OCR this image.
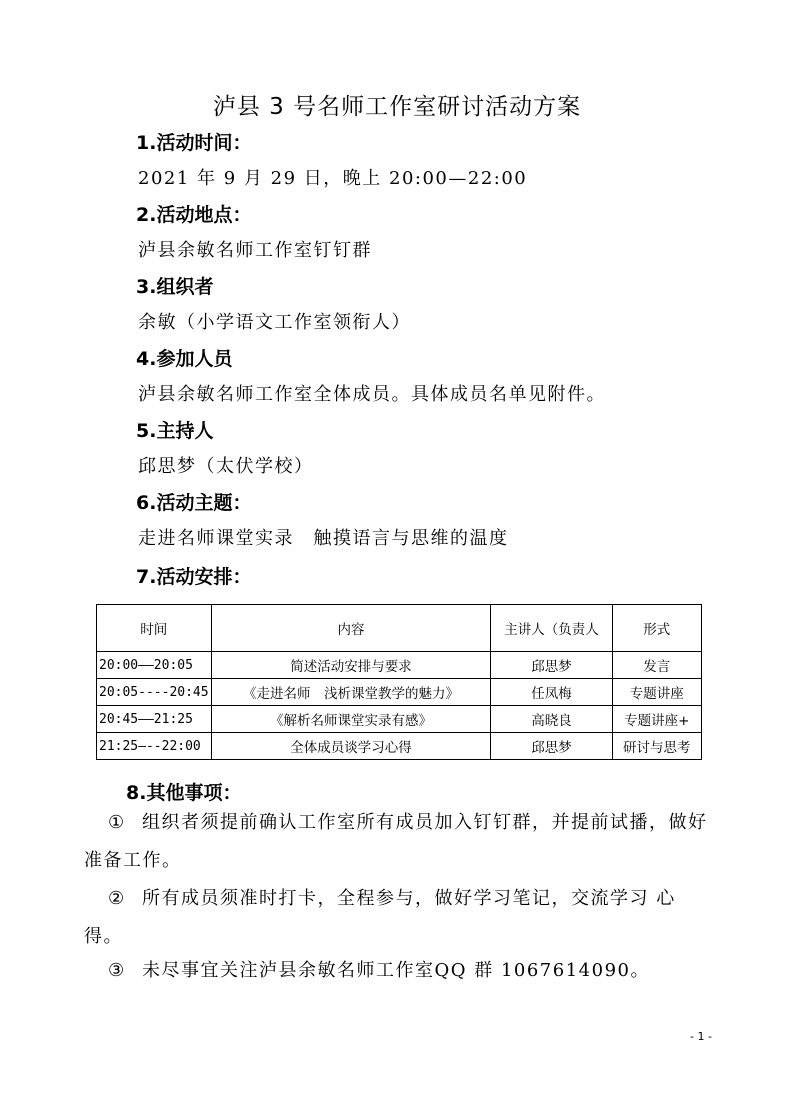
泸县 3 号名师工作室研讨活动方案
1.活动时间：
2021 年 9 月 29 日，晚上 20:00—22:00
2.活动地点：
泸县余敏名师工作室钉钉群
3.组织者
余敏（小学语文工作室领衔人）
4.参加人员
泸县余敏名师工作室全体成员。具体成员名单见附件。
5.主持人
邱思梦（太伏学校）
6.活动主题：
走进名师课堂实录　触摸语言与思维的温度
7.活动安排：
时间	内容	主讲人（负责人	形式
20:00——20:05	简述活动安排与要求	邱思梦	发言
20:05----20:45	《走进名师　浅析课堂教学的魅力》	任凤梅	专题讲座
20:45——21:25	《解析名师课堂实录有感》	高晓良	专题讲座+
21:25—--22:00	全体成员谈学习心得	邱思梦	研讨与思考
8.其他事项：
① 组织者须提前确认工作室所有成员加入钉钉群，并提前试播，做好准备工作。
② 所有成员须准时打卡，全程参与，做好学习笔记，交流学习 心得。
③ 未尽事宜关注泸县余敏名师工作室QQ 群 1067614090。
- 1 -
